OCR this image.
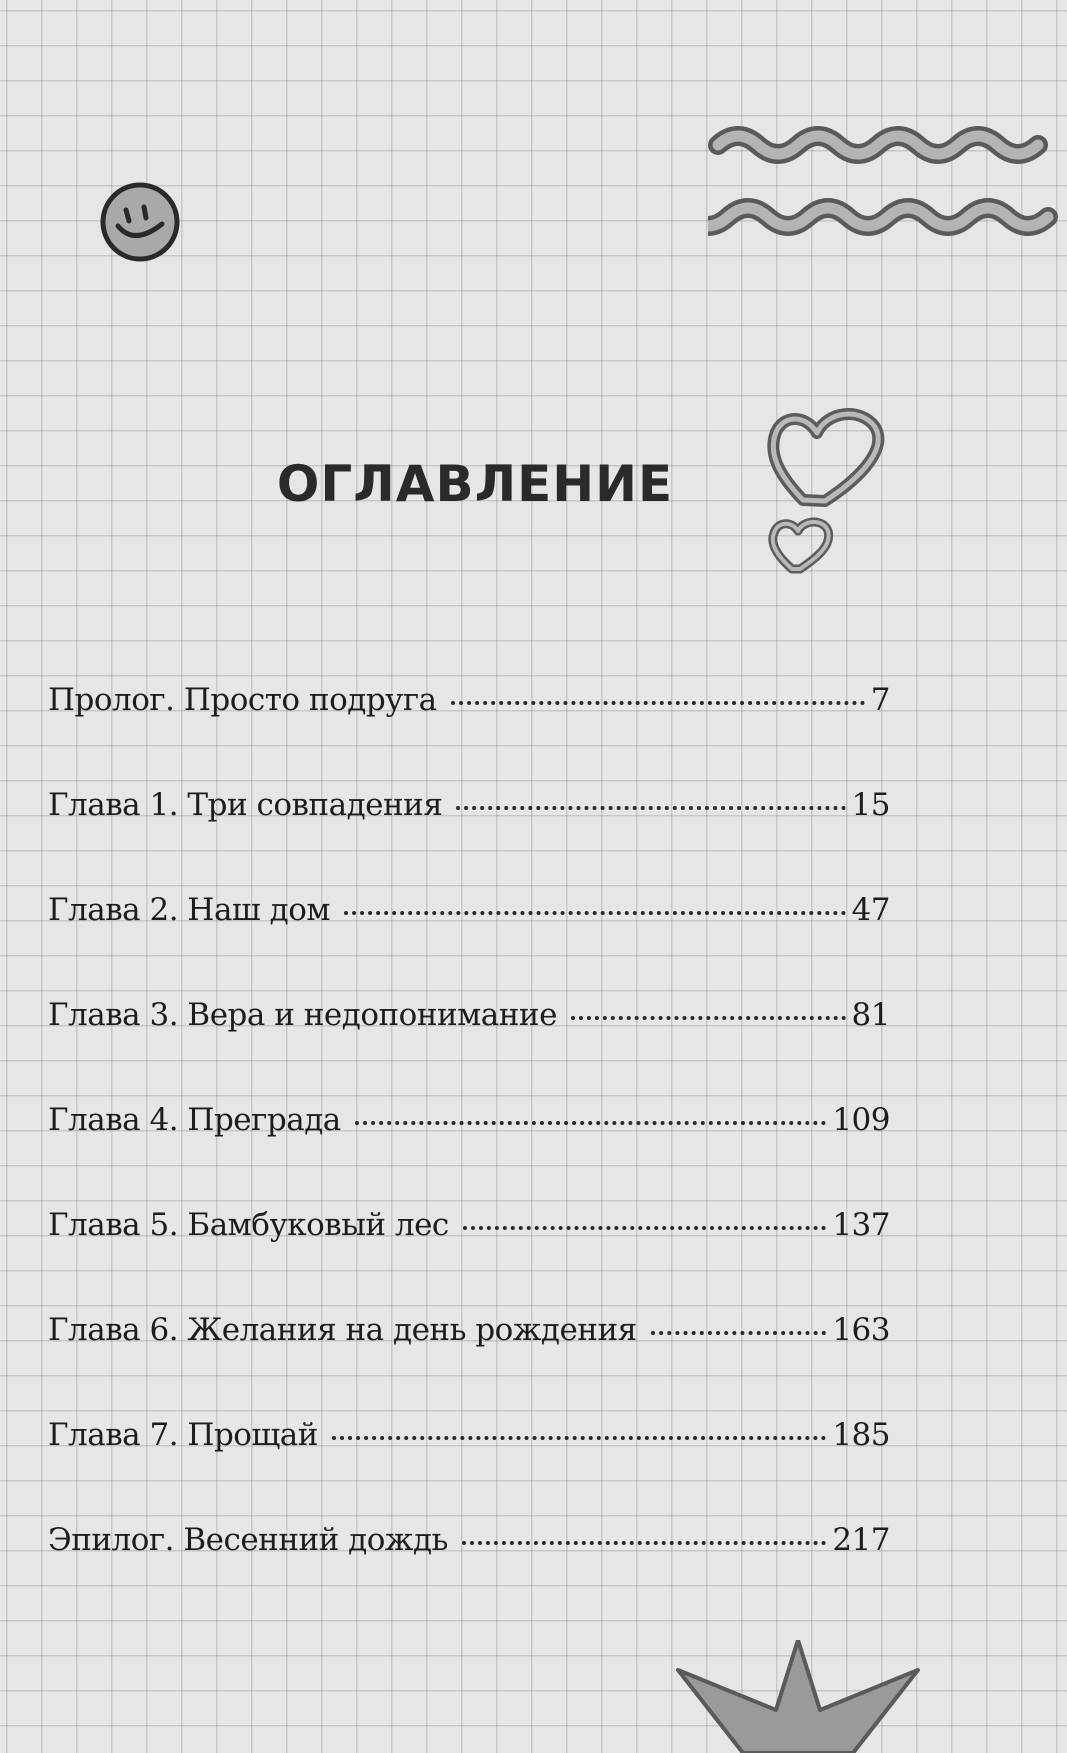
ОГЛАВЛЕНИЕ
Пролог. Просто подруга	7
Глава 1. Три совпадения	15
Глава 2. Наш дом	47
Глава 3. Вера и недопонимание	81
Глава 4. Преграда	109
Глава 5. Бамбуковый лес	137
Глава 6. Желания на день рождения	163
Глава 7. Прощай	185
Эпилог. Весенний дождь	217
